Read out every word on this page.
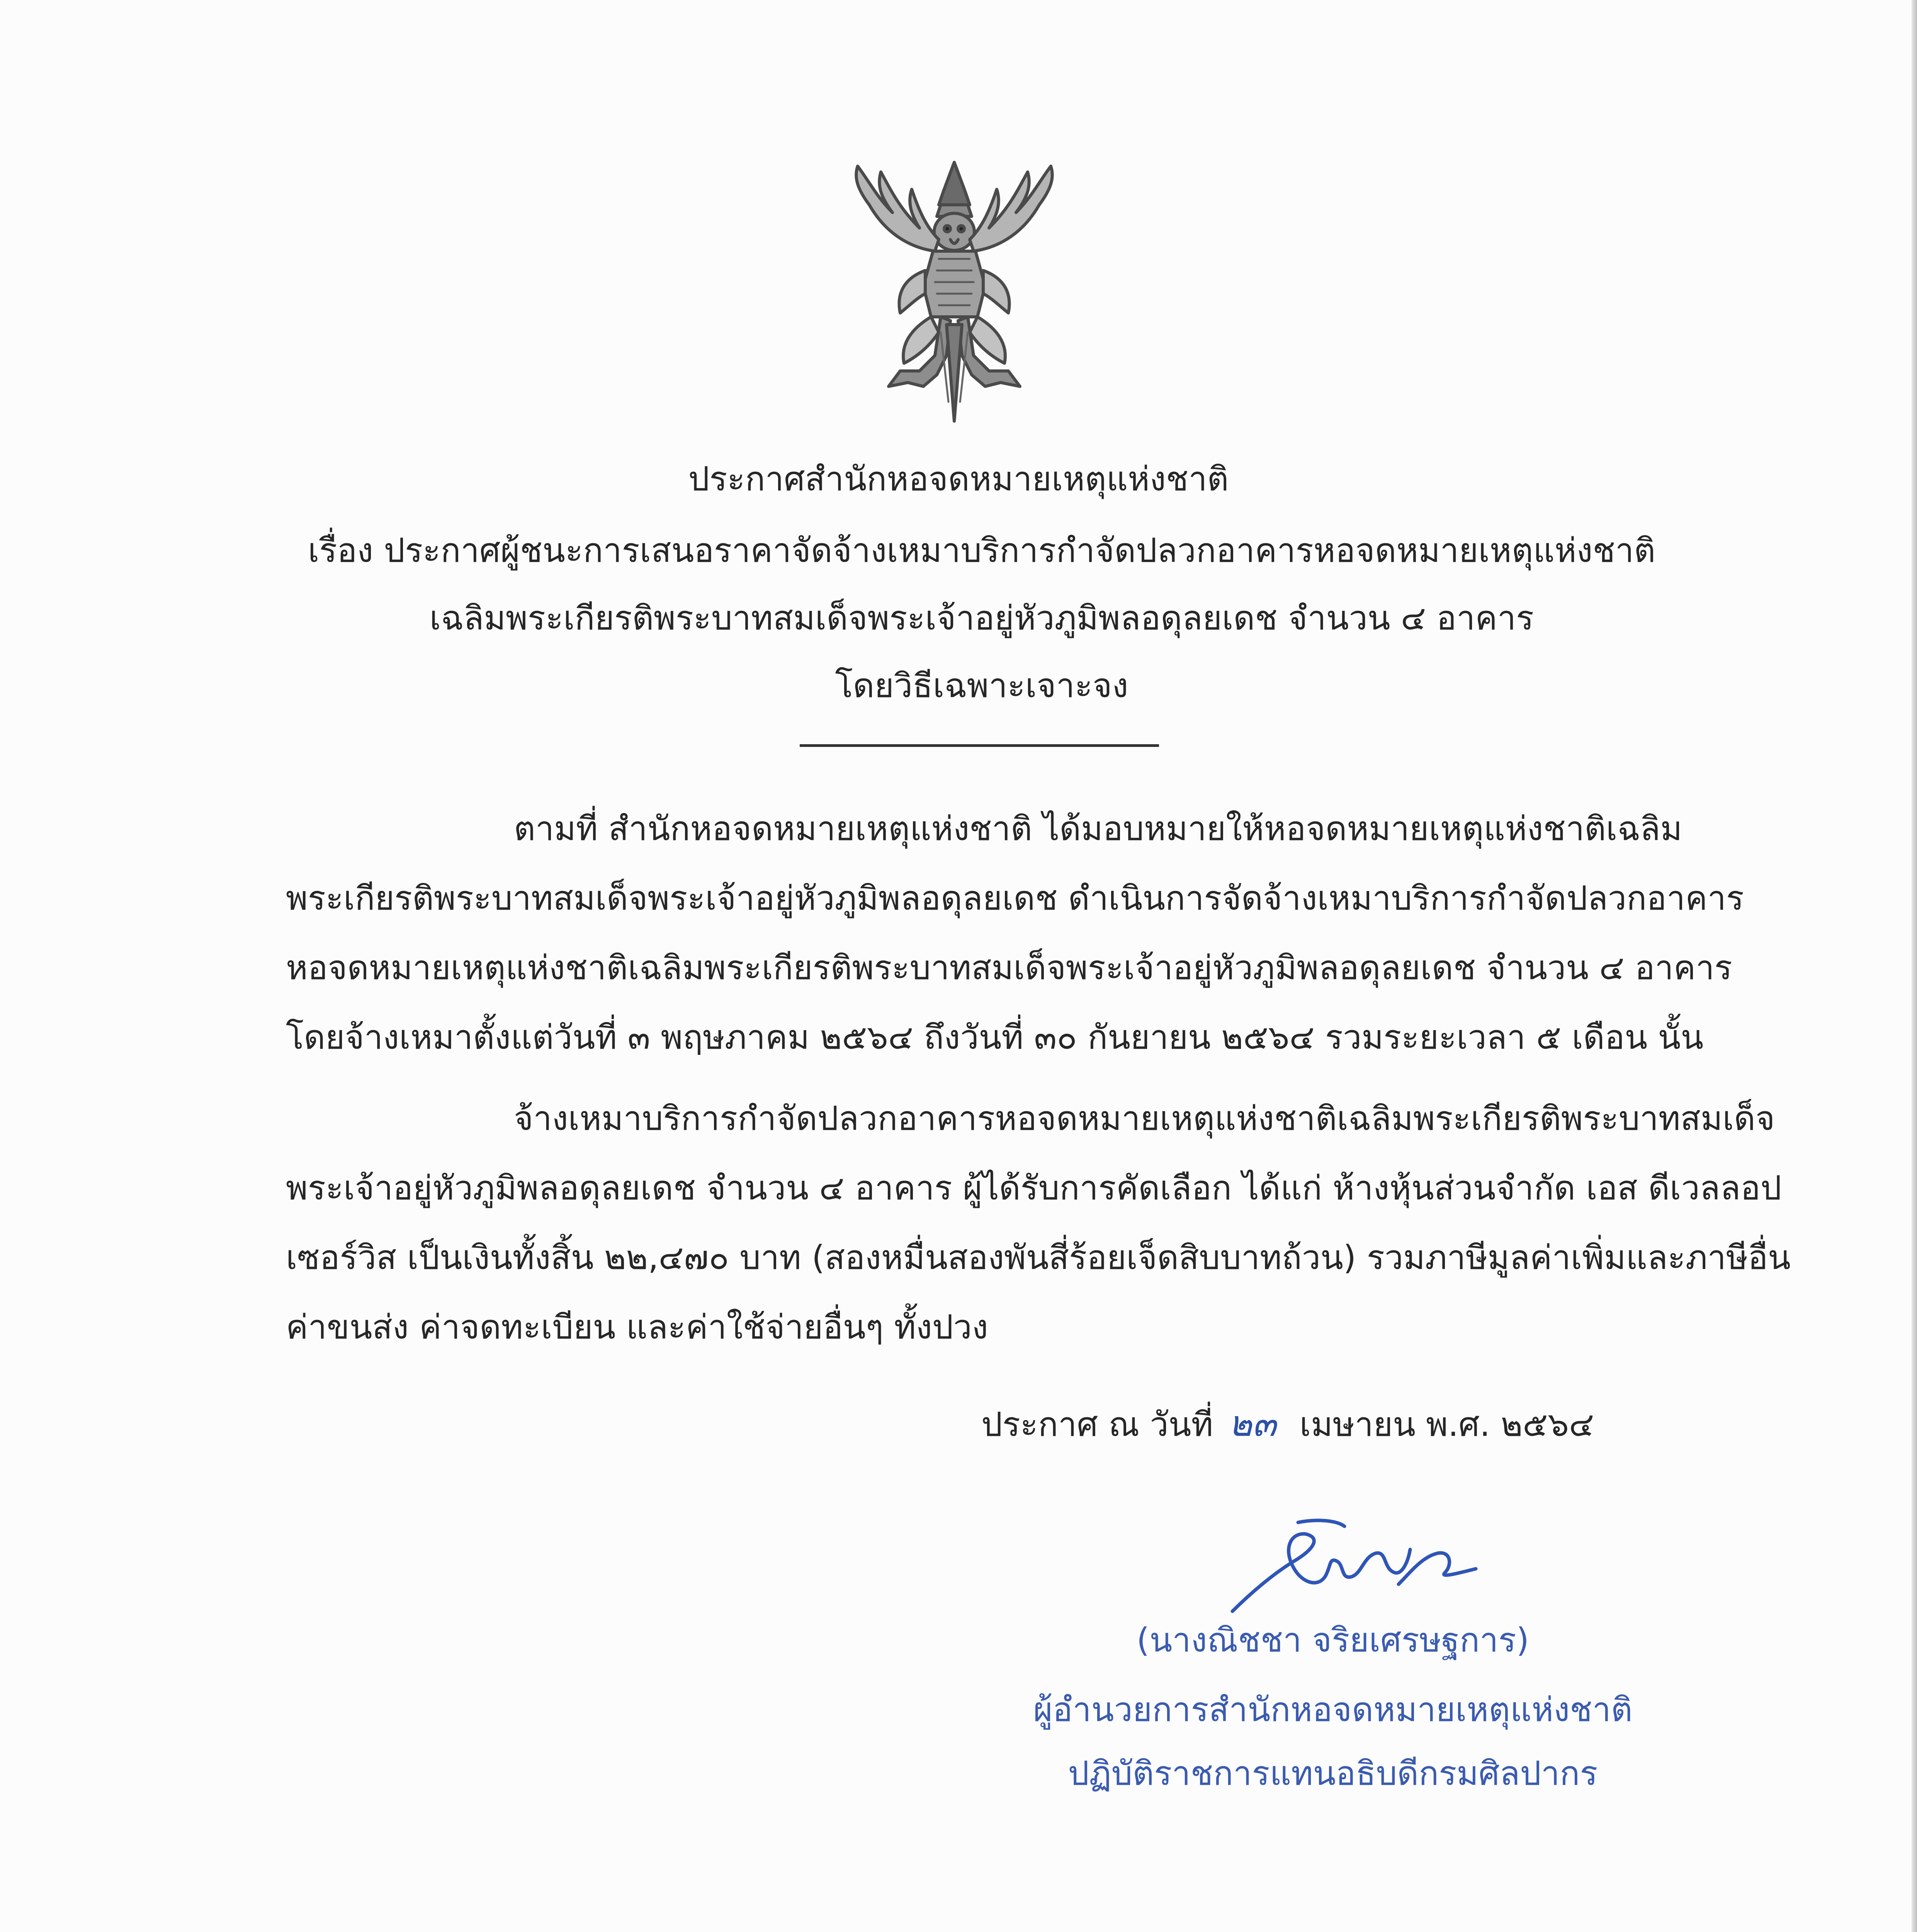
ประกาศสำนักหอจดหมายเหตุแห่งชาติ
เรื่อง ประกาศผู้ชนะการเสนอราคาจัดจ้างเหมาบริการกำจัดปลวกอาคารหอจดหมายเหตุแห่งชาติ
เฉลิมพระเกียรติพระบาทสมเด็จพระเจ้าอยู่หัวภูมิพลอดุลยเดช จำนวน ๔ อาคาร
โดยวิธีเฉพาะเจาะจง
ตามที่ สำนักหอจดหมายเหตุแห่งชาติ ได้มอบหมายให้หอจดหมายเหตุแห่งชาติเฉลิม
พระเกียรติพระบาทสมเด็จพระเจ้าอยู่หัวภูมิพลอดุลยเดช ดำเนินการจัดจ้างเหมาบริการกำจัดปลวกอาคาร
หอจดหมายเหตุแห่งชาติเฉลิมพระเกียรติพระบาทสมเด็จพระเจ้าอยู่หัวภูมิพลอดุลยเดช จำนวน ๔ อาคาร
โดยจ้างเหมาตั้งแต่วันที่ ๓ พฤษภาคม ๒๕๖๔ ถึงวันที่ ๓๐ กันยายน ๒๕๖๔ รวมระยะเวลา ๕ เดือน นั้น
จ้างเหมาบริการกำจัดปลวกอาคารหอจดหมายเหตุแห่งชาติเฉลิมพระเกียรติพระบาทสมเด็จ
พระเจ้าอยู่หัวภูมิพลอดุลยเดช จำนวน ๔ อาคาร ผู้ได้รับการคัดเลือก ได้แก่ ห้างหุ้นส่วนจำกัด เอส ดีเวลลอป
เซอร์วิส เป็นเงินทั้งสิ้น ๒๒,๔๗๐ บาท (สองหมื่นสองพันสี่ร้อยเจ็ดสิบบาทถ้วน) รวมภาษีมูลค่าเพิ่มและภาษีอื่น
ค่าขนส่ง ค่าจดทะเบียน และค่าใช้จ่ายอื่นๆ ทั้งปวง
ประกาศ ณ วันที่ ๒๓ เมษายน พ.ศ. ๒๕๖๔
(นางณิชชา จริยเศรษฐการ)
ผู้อำนวยการสำนักหอจดหมายเหตุแห่งชาติ
ปฏิบัติราชการแทนอธิบดีกรมศิลปากร
